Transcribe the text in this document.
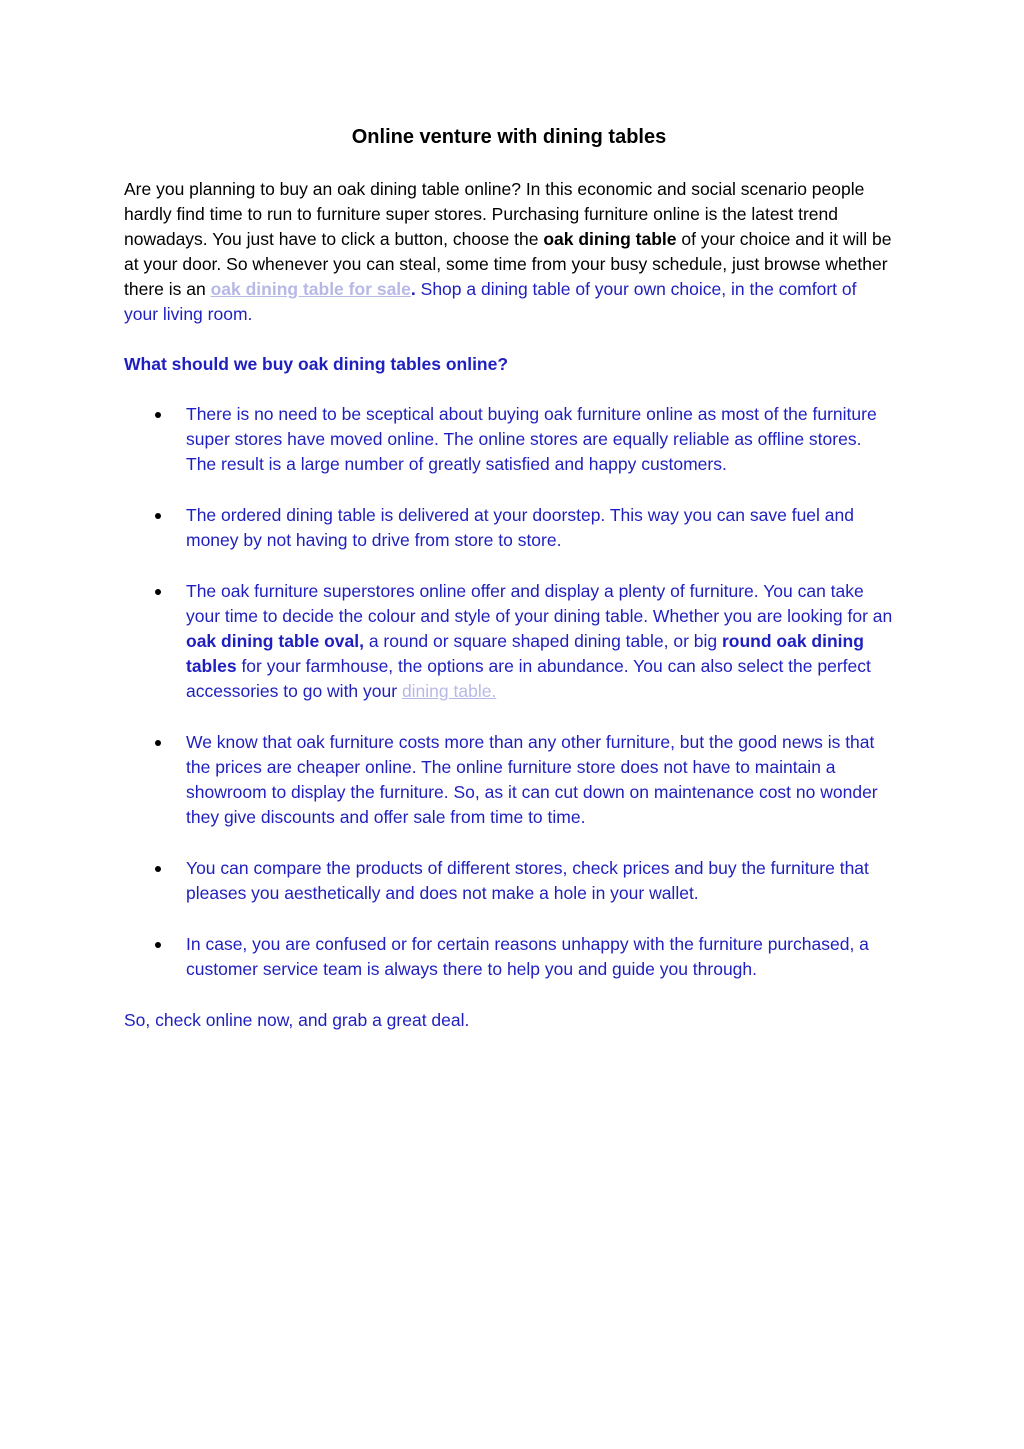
Online venture with dining tables

Are you planning to buy an oak dining table online? In this economic and social scenario people hardly find time to run to furniture super stores. Purchasing furniture online is the latest trend nowadays. You just have to click a button, choose the oak dining table of your choice and it will be at your door. So whenever you can steal, some time from your busy schedule, just browse whether there is an oak dining table for sale. Shop a dining table of your own choice, in the comfort of your living room.

What should we buy oak dining tables online?
There is no need to be sceptical about buying oak furniture online as most of the furniture super stores have moved online. The online stores are equally reliable as offline stores. The result is a large number of greatly satisfied and happy customers.
The ordered dining table is delivered at your doorstep. This way you can save fuel and money by not having to drive from store to store.
The oak furniture superstores online offer and display a plenty of furniture. You can take your time to decide the colour and style of your dining table. Whether you are looking for an oak dining table oval, a round or square shaped dining table, or big round oak dining tables for your farmhouse, the options are in abundance. You can also select the perfect accessories to go with your dining table.
We know that oak furniture costs more than any other furniture, but the good news is that the prices are cheaper online. The online furniture store does not have to maintain a showroom to display the furniture. So, as it can cut down on maintenance cost no wonder they give discounts and offer sale from time to time.
You can compare the products of different stores, check prices and buy the furniture that pleases you aesthetically and does not make a hole in your wallet.
In case, you are confused or for certain reasons unhappy with the furniture purchased, a customer service team is always there to help you and guide you through.

So, check online now, and grab a great deal.
